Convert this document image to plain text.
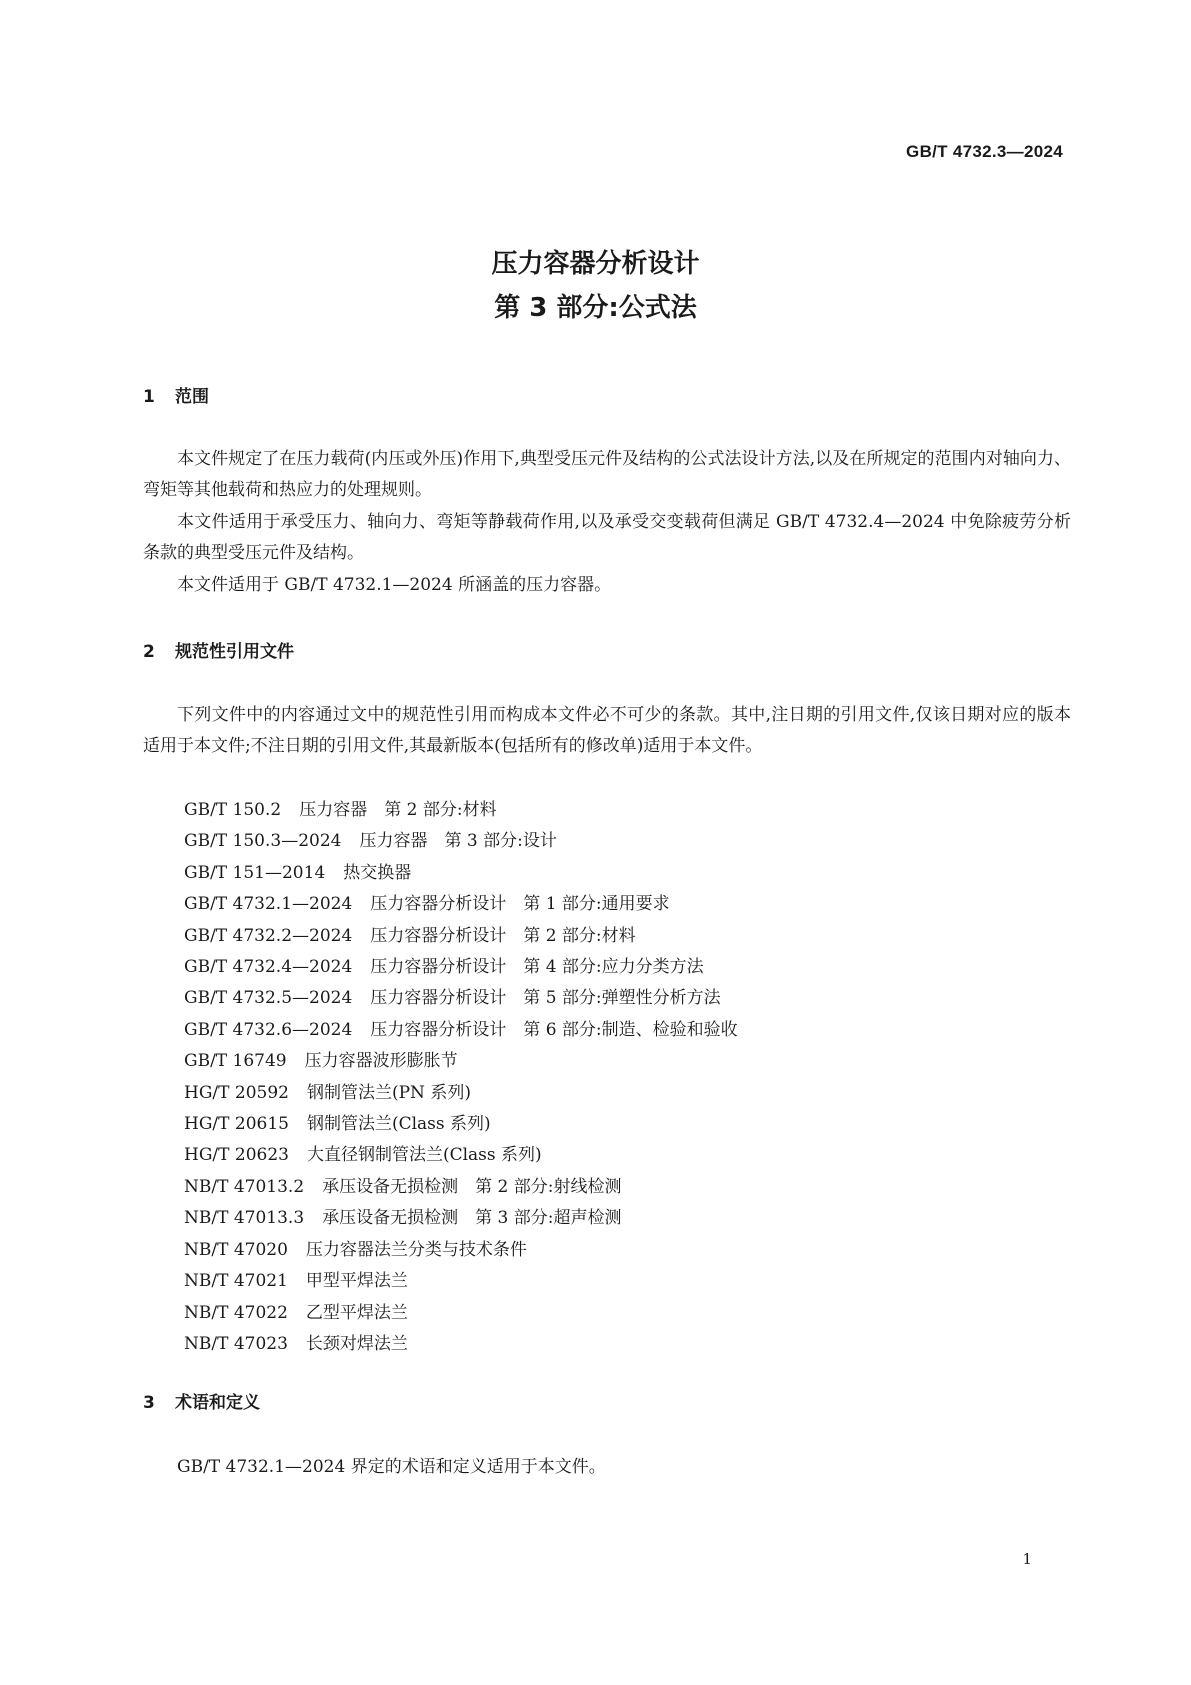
GB/T 4732.3—2024
压力容器分析设计
第 3 部分:公式法
1 范围

本文件规定了在压力载荷(内压或外压)作用下,典型受压元件及结构的公式法设计方法,以及在所规定的范围内对轴向力、弯矩等其他载荷和热应力的处理规则。

本文件适用于承受压力、轴向力、弯矩等静载荷作用,以及承受交变载荷但满足 GB/T 4732.4—2024 中免除疲劳分析条款的典型受压元件及结构。

本文件适用于 GB/T 4732.1—2024 所涵盖的压力容器。

2 规范性引用文件

下列文件中的内容通过文中的规范性引用而构成本文件必不可少的条款。其中,注日期的引用文件,仅该日期对应的版本适用于本文件;不注日期的引用文件,其最新版本(包括所有的修改单)适用于本文件。

GB/T 150.2 压力容器　第 2 部分:材料
GB/T 150.3—2024 压力容器　第 3 部分:设计
GB/T 151—2014 热交换器
GB/T 4732.1—2024 压力容器分析设计　第 1 部分:通用要求
GB/T 4732.2—2024 压力容器分析设计　第 2 部分:材料
GB/T 4732.4—2024 压力容器分析设计　第 4 部分:应力分类方法
GB/T 4732.5—2024 压力容器分析设计　第 5 部分:弹塑性分析方法
GB/T 4732.6—2024 压力容器分析设计　第 6 部分:制造、检验和验收
GB/T 16749 压力容器波形膨胀节
HG/T 20592 钢制管法兰(PN 系列)
HG/T 20615 钢制管法兰(Class 系列)
HG/T 20623 大直径钢制管法兰(Class 系列)
NB/T 47013.2 承压设备无损检测　第 2 部分:射线检测
NB/T 47013.3 承压设备无损检测　第 3 部分:超声检测
NB/T 47020 压力容器法兰分类与技术条件
NB/T 47021 甲型平焊法兰
NB/T 47022 乙型平焊法兰
NB/T 47023 长颈对焊法兰
3 术语和定义

GB/T 4732.1—2024 界定的术语和定义适用于本文件。

1
